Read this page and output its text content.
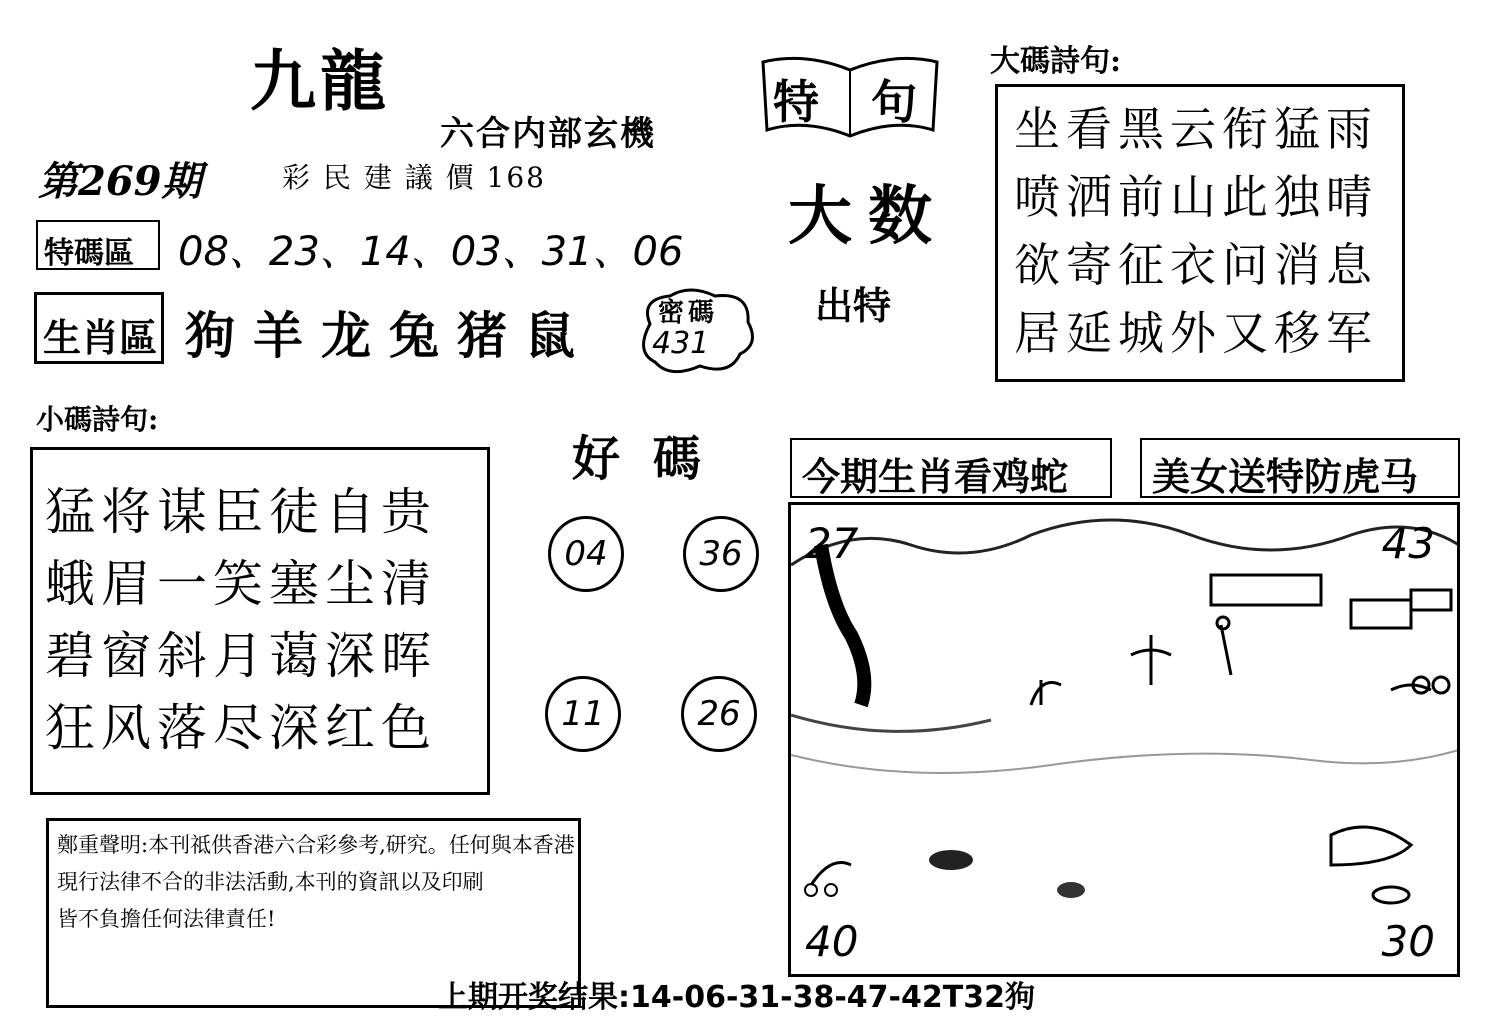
九龍
六合内部玄機
第269期	彩 民 建 議 價 168
特 句
大数
出特
特碼區 08、23、14、03、31、06
生肖區 狗羊龙兔猪鼠	密碼
431
大碼詩句:
坐看黑云衔猛雨
喷洒前山此独晴
欲寄征衣问消息
居延城外又移军
小碼詩句:
猛将谋臣徒自贵
蛾眉一笑塞尘清
碧窗斜月蔼深晖
狂风落尽深红色
好 碼
04	36
11	26
今期生肖看鸡蛇	美女送特防虎马
27	43
40	30
鄭重聲明:本刊祗供香港六合彩參考,研究。任何與本香港
現行法律不合的非法活動,本刊的資訊以及印刷
皆不負擔任何法律責任!
上期开奖结果:14-06-31-38-47-42T32狗
